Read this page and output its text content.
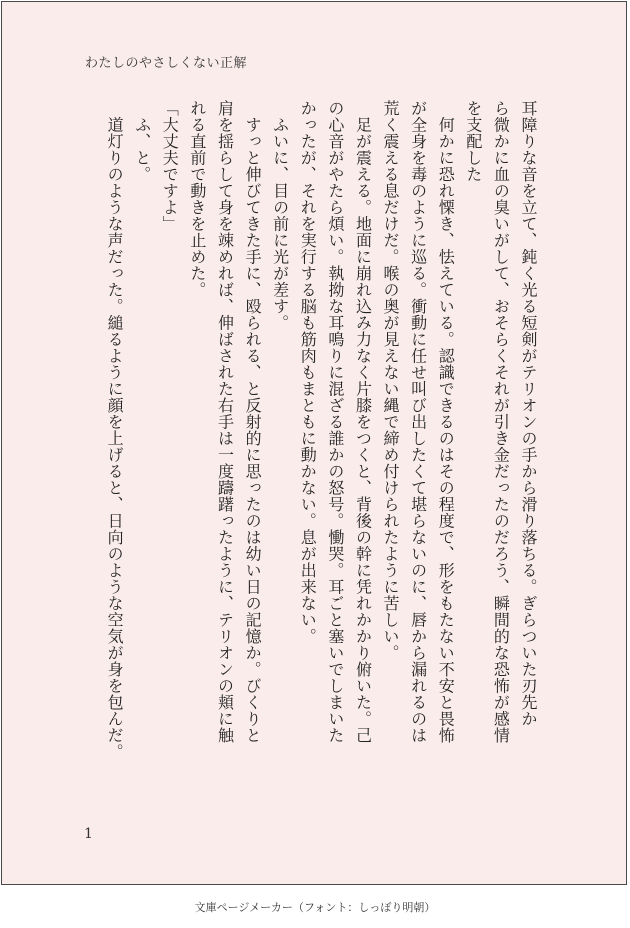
わたしのやさしくない正解

耳障りな音を立て、鈍く光る短剣がテリオンの手から滑り落ちる。ぎらついた刃先か

ら微かに血の臭いがして、おそらくそれが引き金だったのだろう、瞬間的な恐怖が感情

を支配した

　何かに恐れ慄き、怯えている。認識できるのはその程度で、形をもたない不安と畏怖

が全身を毒のように巡る。衝動に任せ叫び出したくて堪らないのに、唇から漏れるのは

荒く震える息だけだ。喉の奥が見えない縄で締め付けられたように苦しい。

　足が震える。地面に崩れ込み力なく片膝をつくと、背後の幹に凭れかかり俯いた。己

の心音がやたら煩い。執拗な耳鳴りに混ざる誰かの怒号。慟哭。耳ごと塞いでしまいた

かったが、それを実行する脳も筋肉もまともに動かない。息が出来ない。

　ふいに、目の前に光が差す。

　すっと伸びてきた手に、殴られる、と反射的に思ったのは幼い日の記憶か。びくりと

肩を揺らして身を竦めれば、伸ばされた右手は一度躊躇ったように、テリオンの頬に触

れる直前で動きを止めた。

「大丈夫ですよ」

　ふ、と。

　道灯りのような声だった。縋るように顔を上げると、日向のような空気が身を包んだ。

1
文庫ページメーカー（フォント：しっぽり明朝）
